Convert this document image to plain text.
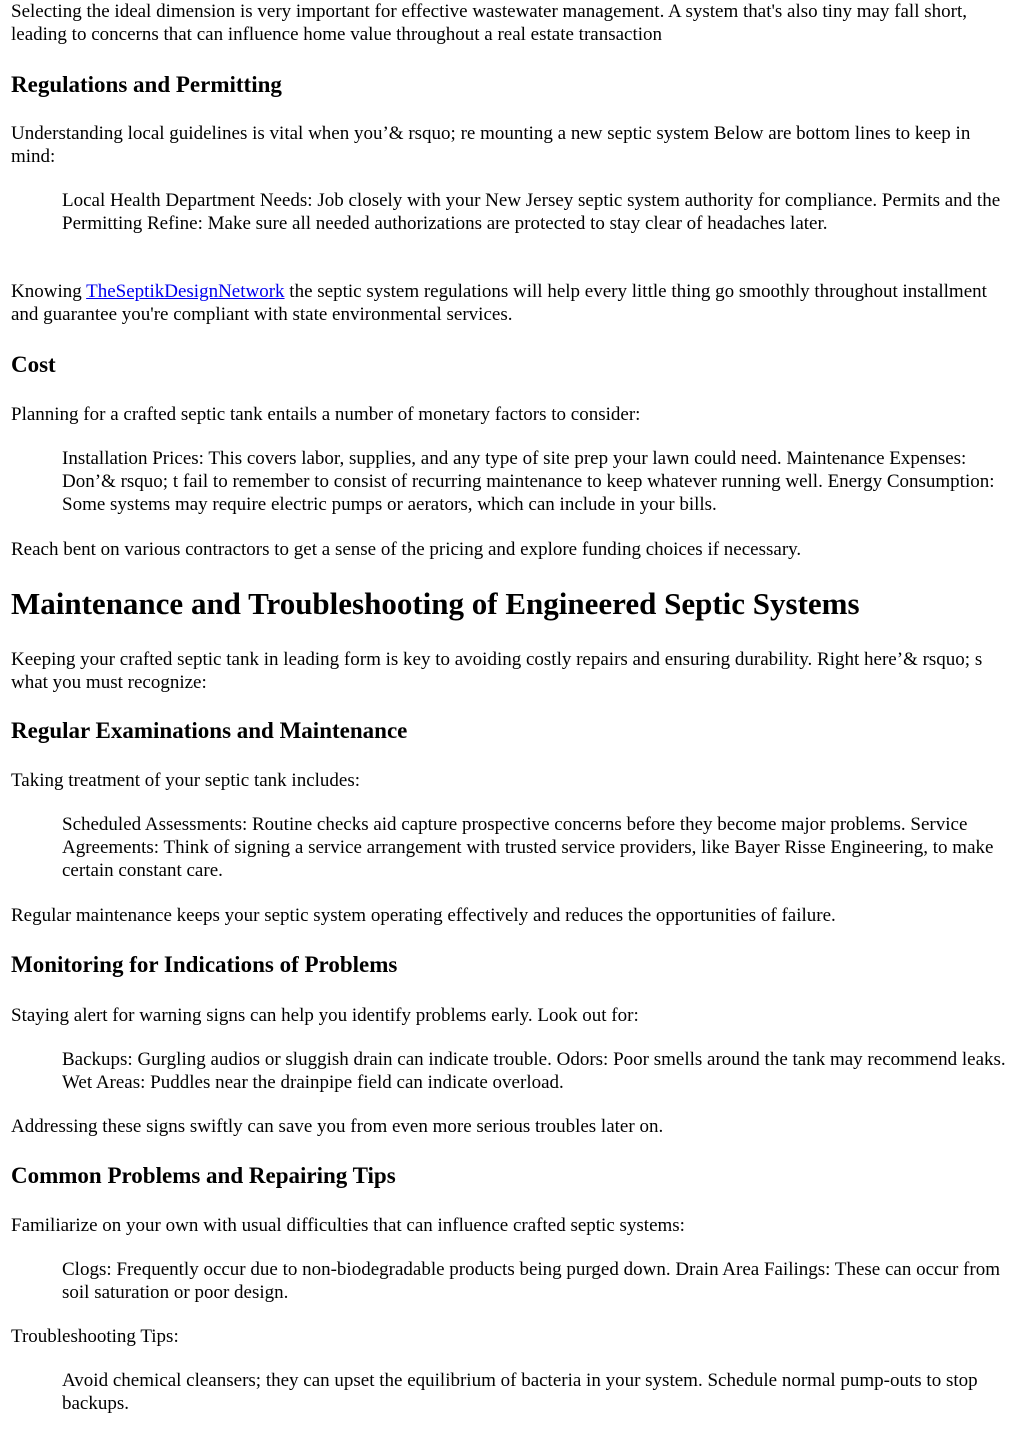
Selecting the ideal dimension is very important for effective wastewater management. A system that's also tiny may fall short, leading to concerns that can influence home value throughout a real estate transaction

Regulations and Permitting

Understanding local guidelines is vital when you’& rsquo; re mounting a new septic system Below are bottom lines to keep in mind:

Local Health Department Needs: Job closely with your New Jersey septic system authority for compliance. Permits and the Permitting Refine: Make sure all needed authorizations are protected to stay clear of headaches later.

Knowing TheSeptikDesignNetwork the septic system regulations will help every little thing go smoothly throughout installment and guarantee you're compliant with state environmental services.

Cost

Planning for a crafted septic tank entails a number of monetary factors to consider:

Installation Prices: This covers labor, supplies, and any type of site prep your lawn could need. Maintenance Expenses: Don’& rsquo; t fail to remember to consist of recurring maintenance to keep whatever running well. Energy Consumption: Some systems may require electric pumps or aerators, which can include in your bills.

Reach bent on various contractors to get a sense of the pricing and explore funding choices if necessary.

Maintenance and Troubleshooting of Engineered Septic Systems

Keeping your crafted septic tank in leading form is key to avoiding costly repairs and ensuring durability. Right here’& rsquo; s what you must recognize:

Regular Examinations and Maintenance

Taking treatment of your septic tank includes:

Scheduled Assessments: Routine checks aid capture prospective concerns before they become major problems. Service Agreements: Think of signing a service arrangement with trusted service providers, like Bayer Risse Engineering, to make certain constant care.

Regular maintenance keeps your septic system operating effectively and reduces the opportunities of failure.

Monitoring for Indications of Problems

Staying alert for warning signs can help you identify problems early. Look out for:

Backups: Gurgling audios or sluggish drain can indicate trouble. Odors: Poor smells around the tank may recommend leaks. Wet Areas: Puddles near the drainpipe field can indicate overload.

Addressing these signs swiftly can save you from even more serious troubles later on.

Common Problems and Repairing Tips

Familiarize on your own with usual difficulties that can influence crafted septic systems:

Clogs: Frequently occur due to non-biodegradable products being purged down. Drain Area Failings: These can occur from soil saturation or poor design.

Troubleshooting Tips:

Avoid chemical cleansers; they can upset the equilibrium of bacteria in your system. Schedule normal pump-outs to stop backups.
